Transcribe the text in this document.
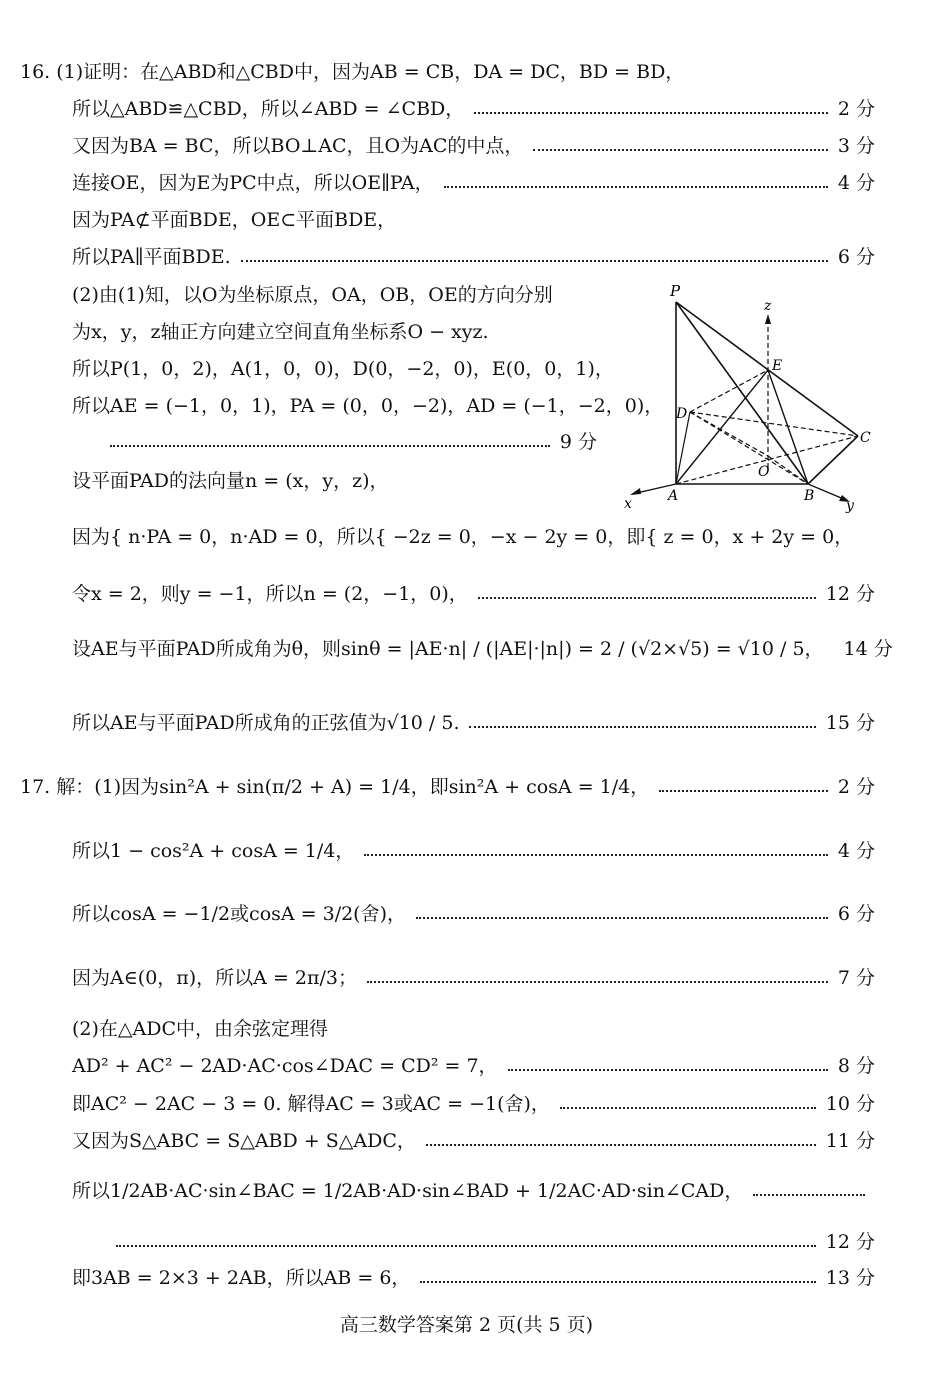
16. (1)证明：在△ABD和△CBD中，因为AB = CB，DA = DC，BD = BD，
所以△ABD≌△CBD，所以∠ABD = ∠CBD，	2 分
又因为BA = BC，所以BO⊥AC，且O为AC的中点，	3 分
连接OE，因为E为PC中点，所以OE∥PA，	4 分
因为PA⊄平面BDE，OE⊂平面BDE，
所以PA∥平面BDE.	6 分
(2)由(1)知，以O为坐标原点，OA，OB，OE的方向分别
为x，y，z轴正方向建立空间直角坐标系O − xyz.
所以P(1，0，2)，A(1，0，0)，D(0，−2，0)，E(0，0，1)，
所以AE = (−1，0，1)，PA = (0，0，−2)，AD = (−1，−2，0)，
9 分
设平面PAD的法向量n = (x，y，z)，
因为{ n·PA = 0，n·AD = 0，所以{ −2z = 0，−x − 2y = 0，即{ z = 0，x + 2y = 0，
令x = 2，则y = −1，所以n = (2，−1，0)，	12 分
设AE与平面PAD所成角为θ，则sinθ = |AE·n| / (|AE|·|n|) = 2 / (√2×√5) = √10 / 5， 14 分
所以AE与平面PAD所成角的正弦值为√10 / 5.	15 分
P
z
E
D
C
O
x	A	B
y
17. 解：(1)因为sin²A + sin(π/2 + A) = 1/4，即sin²A + cosA = 1/4，	2 分
所以1 − cos²A + cosA = 1/4，	4 分
所以cosA = −1/2或cosA = 3/2(舍)，	6 分
因为A∈(0，π)，所以A = 2π/3；	7 分
(2)在△ADC中，由余弦定理得
AD² + AC² − 2AD·AC·cos∠DAC = CD² = 7，	8 分
即AC² − 2AC − 3 = 0. 解得AC = 3或AC = −1(舍)，	10 分
又因为S△ABC = S△ABD + S△ADC，	11 分
所以1/2AB·AC·sin∠BAC = 1/2AB·AD·sin∠BAD + 1/2AC·AD·sin∠CAD，
12 分
即3AB = 2×3 + 2AB，所以AB = 6，	13 分
高三数学答案第 2 页(共 5 页)
